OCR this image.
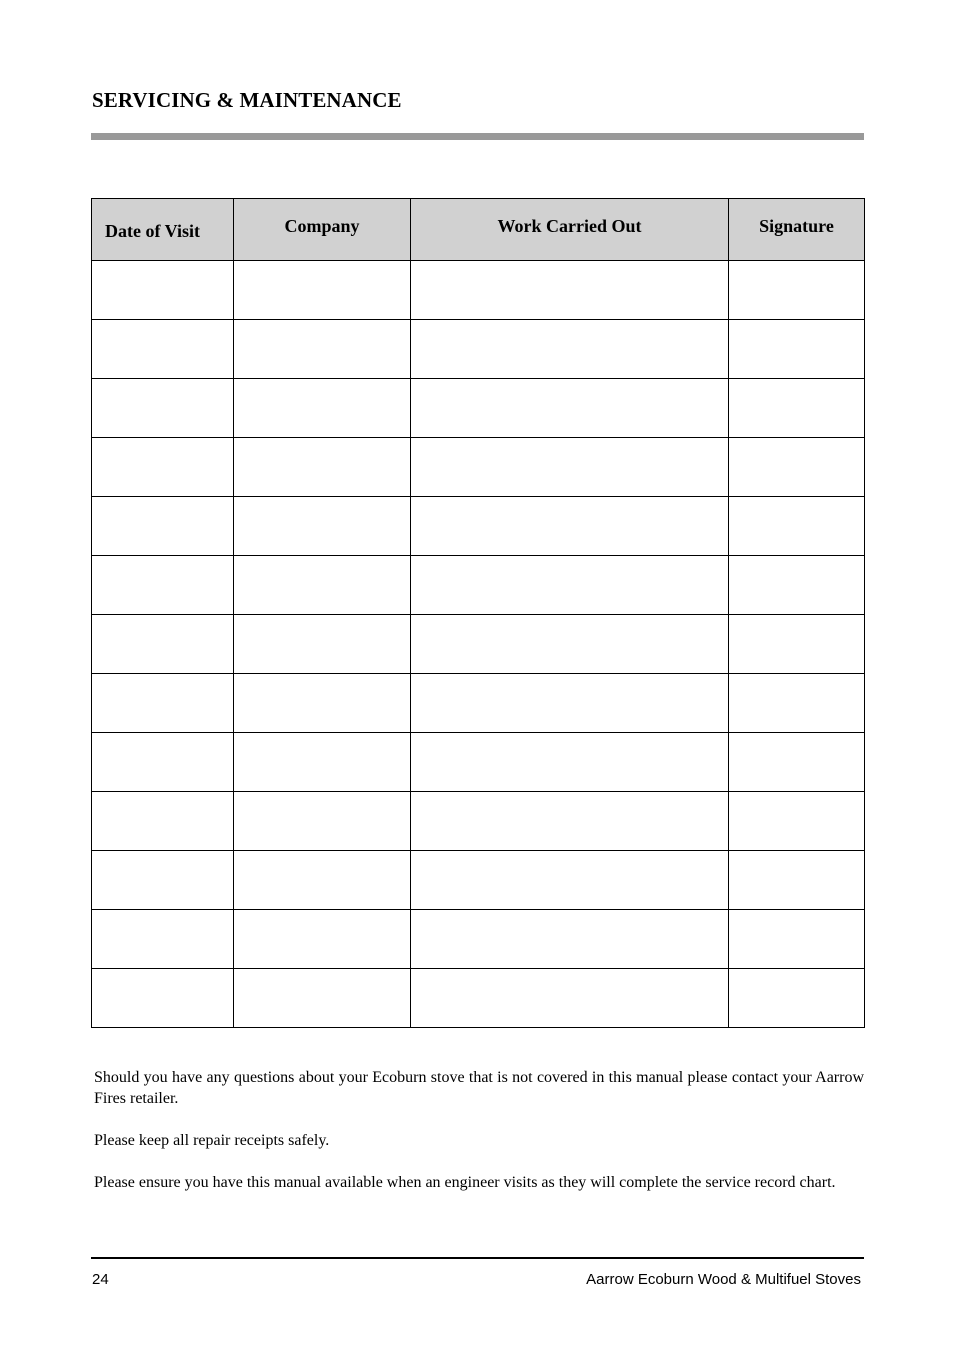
SERVICING & MAINTENANCE
Date of Visit	Company	Work Carried Out	Signature

Should you have any questions about your Ecoburn stove that is not covered in this manual please contact your Aarrow Fires retailer.
Please keep all repair receipts safely.
Please ensure you have this manual available when an engineer visits as they will complete the service record chart.
24	Aarrow Ecoburn Wood & Multifuel Stoves
